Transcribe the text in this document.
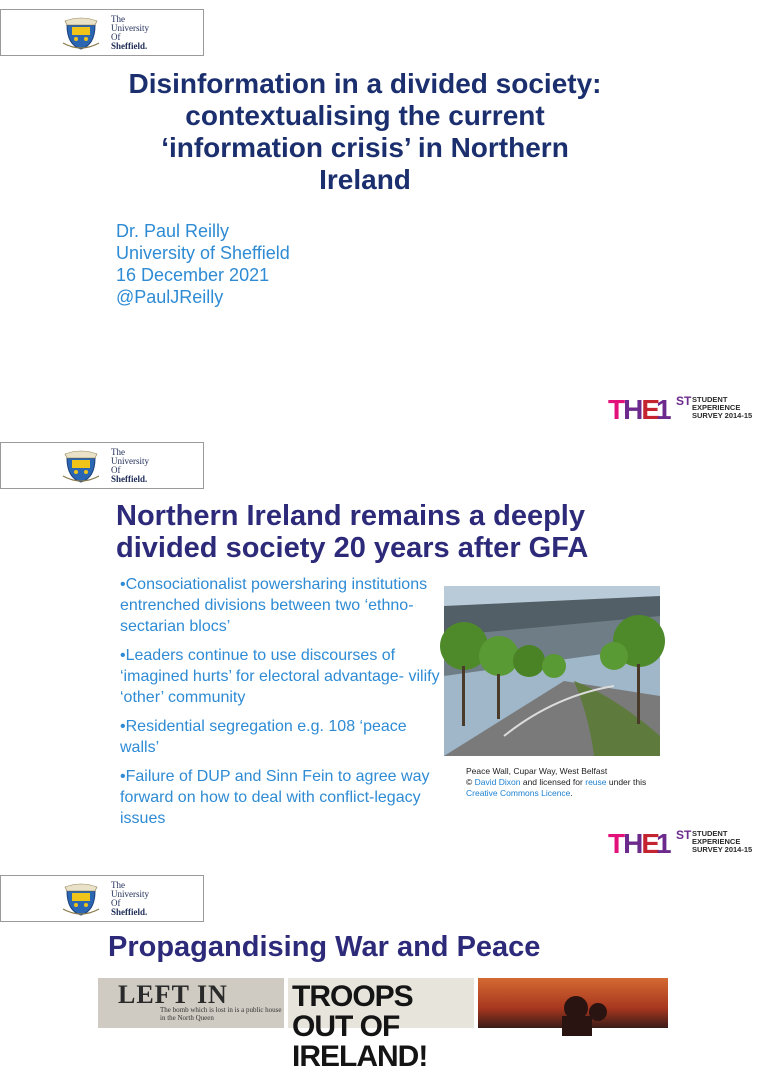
The
University
Of
Sheffield.
Disinformation in a divided society: contextualising the current ‘information crisis’ in Northern Ireland
Dr. Paul Reilly
University of Sheffield
16 December 2021
@PaulJReilly
THE
1 ST STUDENT
EXPERIENCE
SURVEY 2014-15
The
University
Of
Sheffield.
Northern Ireland remains a deeply divided society 20 years after GFA
• Consociationalist powersharing institutions entrenched divisions between two ‘ethno-sectarian blocs’
• Leaders continue to use discourses of ‘imagined hurts’ for electoral advantage- vilify ‘other’ community
• Residential segregation e.g. 108 ‘peace walls’
• Failure of DUP and Sinn Fein to agree way forward on how to deal with conflict-legacy issues
Peace Wall, Cupar Way, West Belfast
© David Dixon and licensed for reuse under this
Creative Commons Licence.
THE
1 ST STUDENT
EXPERIENCE
SURVEY 2014-15
The
University
Of
Sheffield.
Propagandising War and Peace
LEFT IN
The bomb which is lost in is a public house in the North Queen
TROOPS OUT OF IRELAND!
